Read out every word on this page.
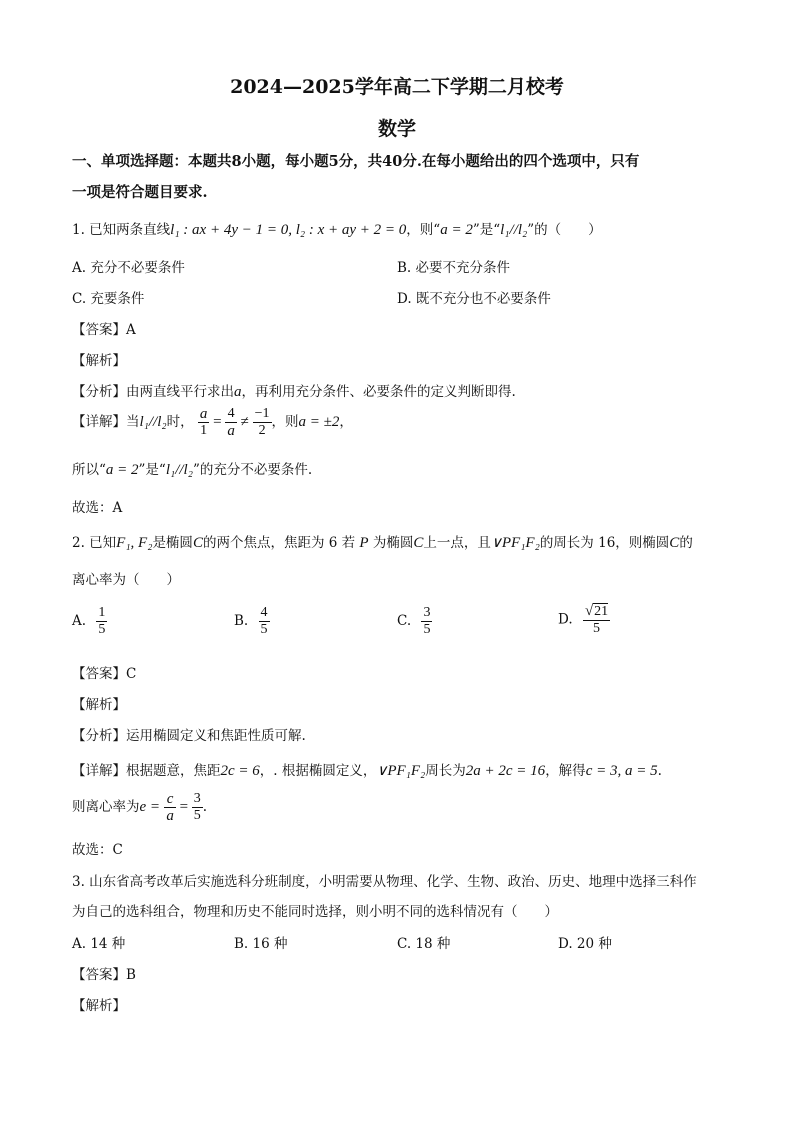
2024—2025学年高二下学期二月校考
数学
一、单项选择题：本题共8小题，每小题5分，共40分.在每小题给出的四个选项中，只有
一项是符合题目要求.
1. 已知两条直线l₁ : ax + 4y − 1 = 0, l₂ : x + ay + 2 = 0，则“a = 2”是“l₁//l₂”的（　　）
A. 充分不必要条件	B. 必要不充分条件
C. 充要条件	D. 既不充分也不必要条件
【答案】A
【解析】
【分析】由两直线平行求出a，再利用充分条件、必要条件的定义判断即得.
【详解】当l₁//l₂时， $\frac{a}{1} = \frac{4}{a} \ne \frac{-1}{2}$ ，则a = ±2，
所以“a = 2”是“l₁//l₂”的充分不必要条件.
故选：A
2. 已知F₁, F₂是椭圆C的两个焦点，焦距为 6 若 P 为椭圆C上一点，且∨PF₁F₂的周长为 16，则椭圆C的
离心率为（　　）
A. $\frac{1}{5}$	B. $\frac{4}{5}$	C. $\frac{3}{5}$	D. $\frac{√21}{5}$
【答案】C
【解析】
【分析】运用椭圆定义和焦距性质可解.
【详解】根据题意，焦距2c = 6，. 根据椭圆定义，∨PF₁F₂周长为2a + 2c = 16，解得c = 3, a = 5.
则离心率为$e = \frac{c}{a} = \frac{3}{5}$ .
故选：C
3. 山东省高考改革后实施选科分班制度，小明需要从物理、化学、生物、政治、历史、地理中选择三科作
为自己的选科组合，物理和历史不能同时选择，则小明不同的选科情况有（　　）
A. 14 种	B. 16 种	C. 18 种	D. 20 种
【答案】B
【解析】
